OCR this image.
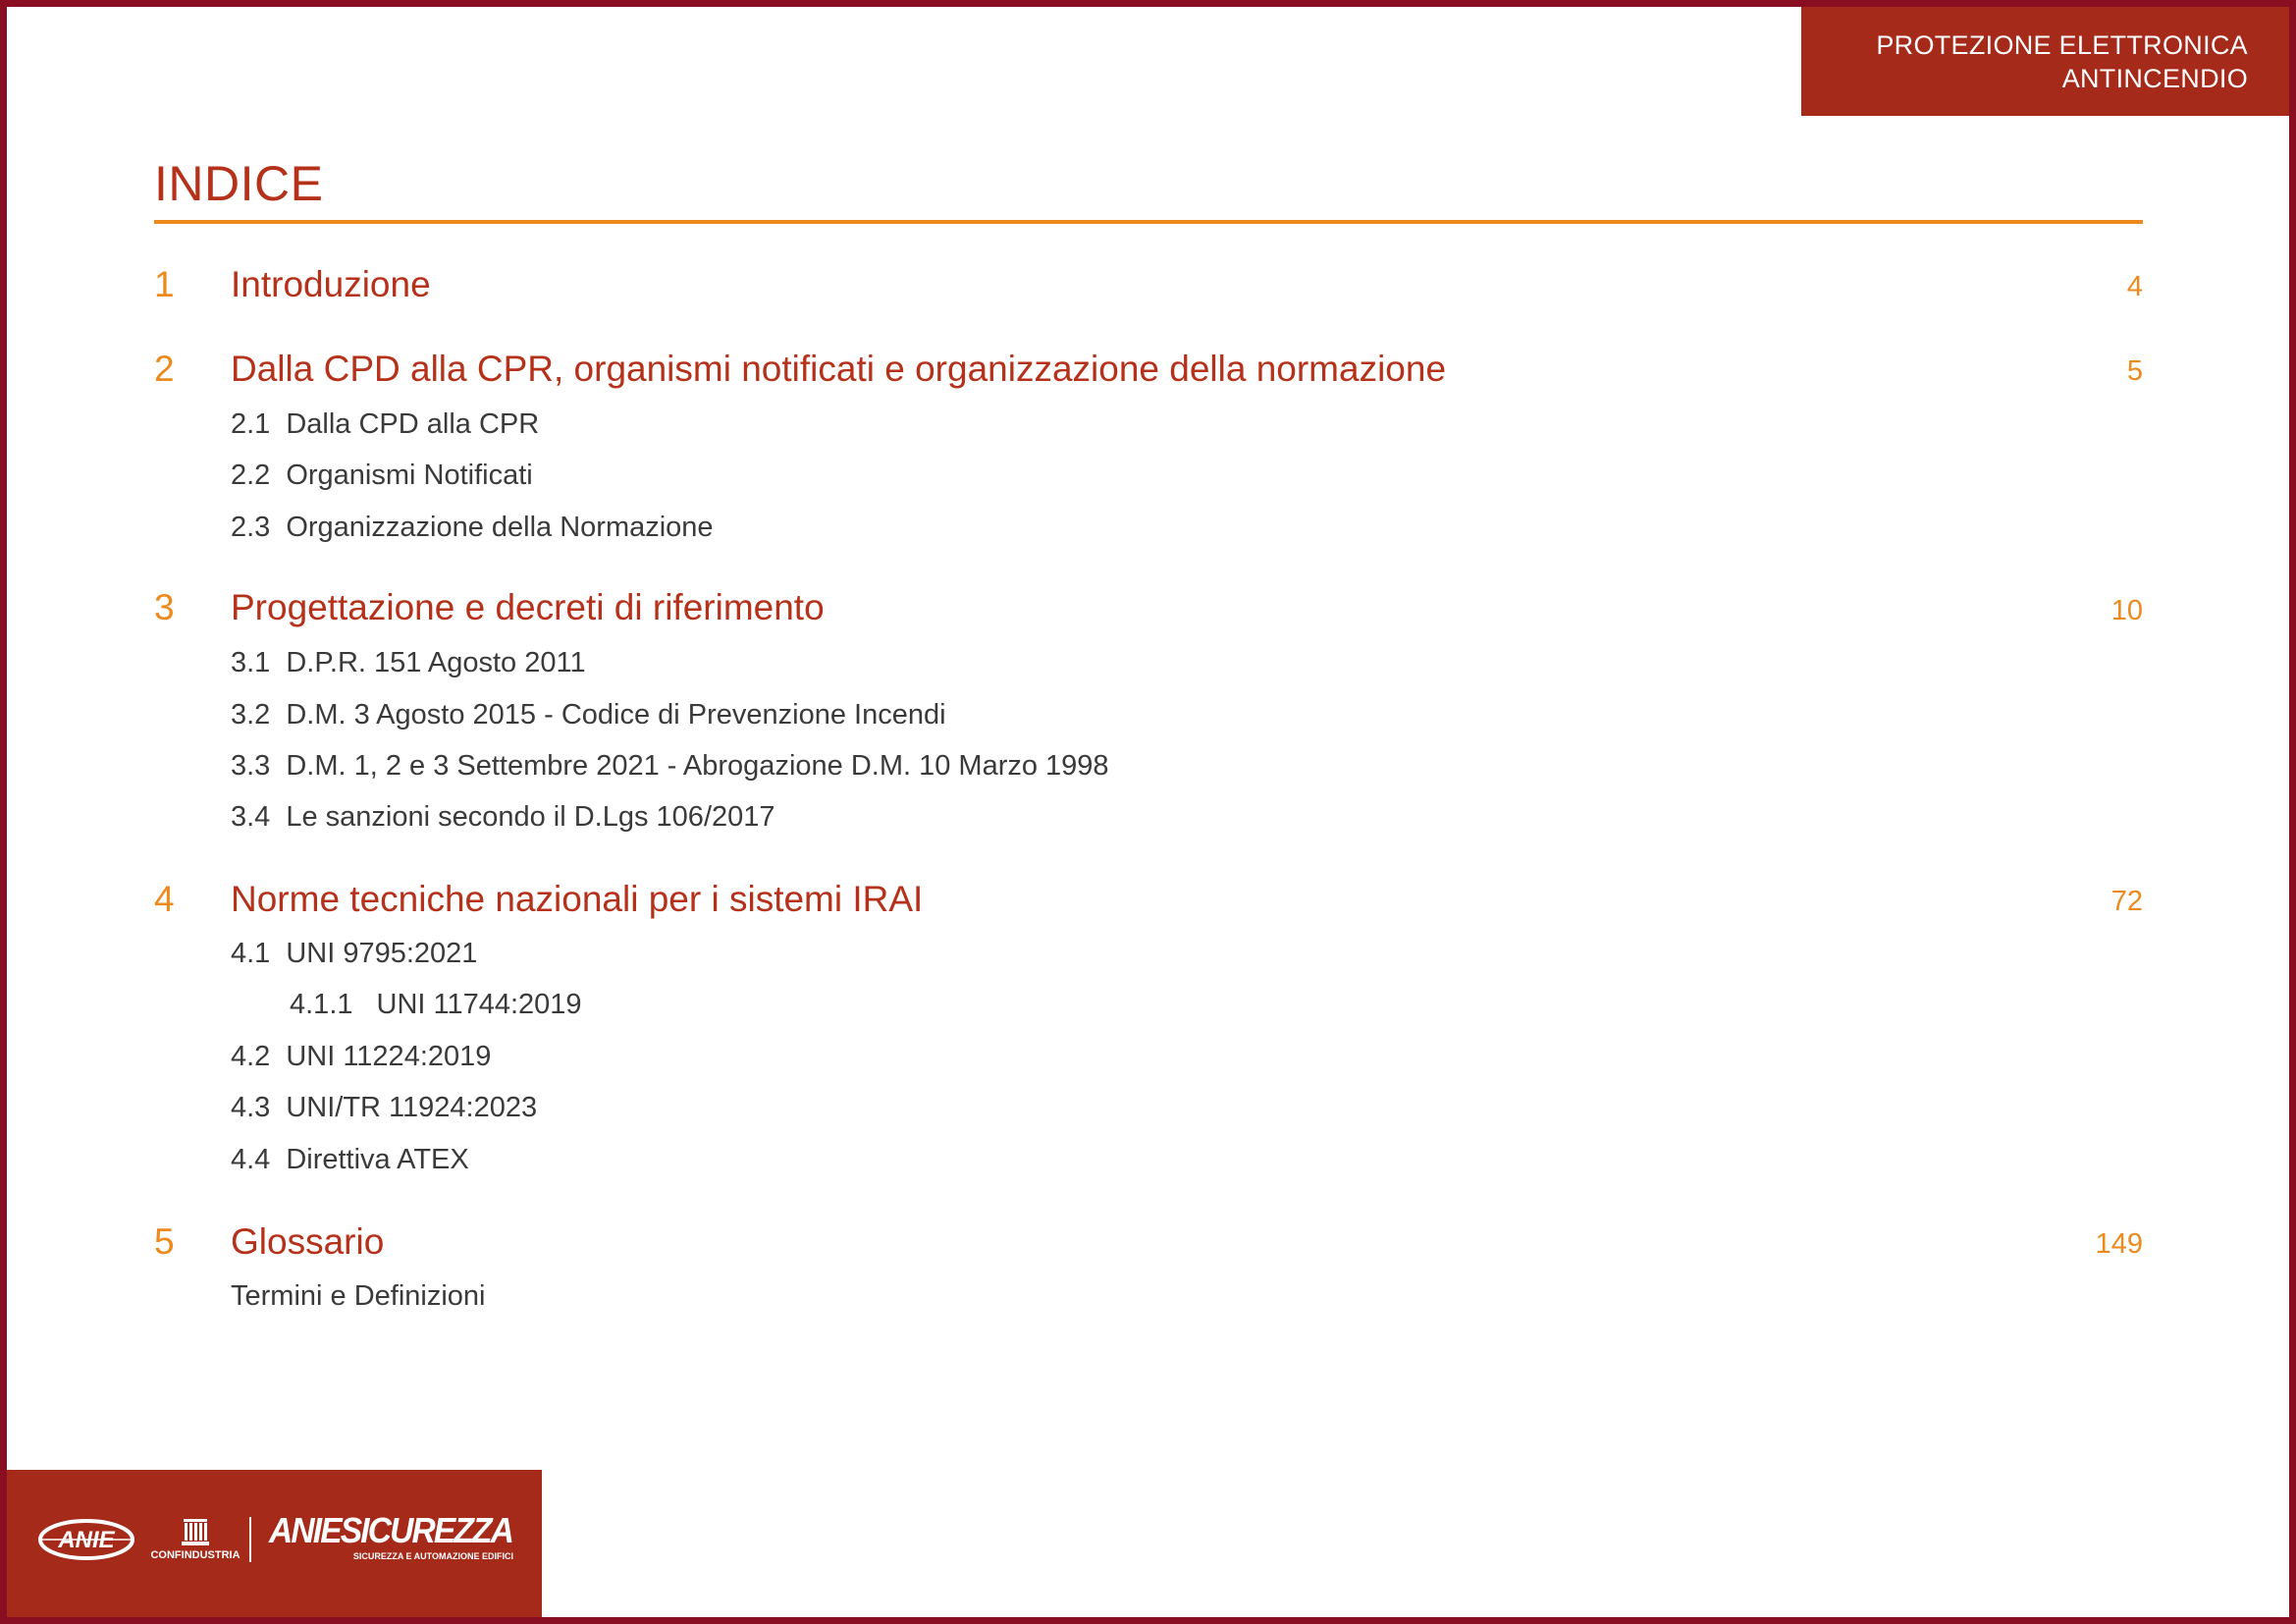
PROTEZIONE ELETTRONICA
ANTINCENDIO
INDICE
1 Introduzione	4
2 Dalla CPD alla CPR, organismi notificati e organizzazione della normazione	5
2.1 Dalla CPD alla CPR
2.2 Organismi Notificati
2.3 Organizzazione della Normazione
3 Progettazione e decreti di riferimento	10
3.1 D.P.R. 151 Agosto 2011
3.2 D.M. 3 Agosto 2015 - Codice di Prevenzione Incendi
3.3 D.M. 1, 2 e 3 Settembre 2021 - Abrogazione D.M. 10 Marzo 1998
3.4 Le sanzioni secondo il D.Lgs 106/2017
4 Norme tecniche nazionali per i sistemi IRAI	72
4.1 UNI 9795:2021
4.1.1 UNI 11744:2019
4.2 UNI 11224:2019
4.3 UNI/TR 11924:2023
4.4 Direttiva ATEX
5 Glossario	149
Termini e Definizioni
ANIE
CONFINDUSTRIA
ANIESICUREZZA
SICUREZZA E AUTOMAZIONE EDIFICI
